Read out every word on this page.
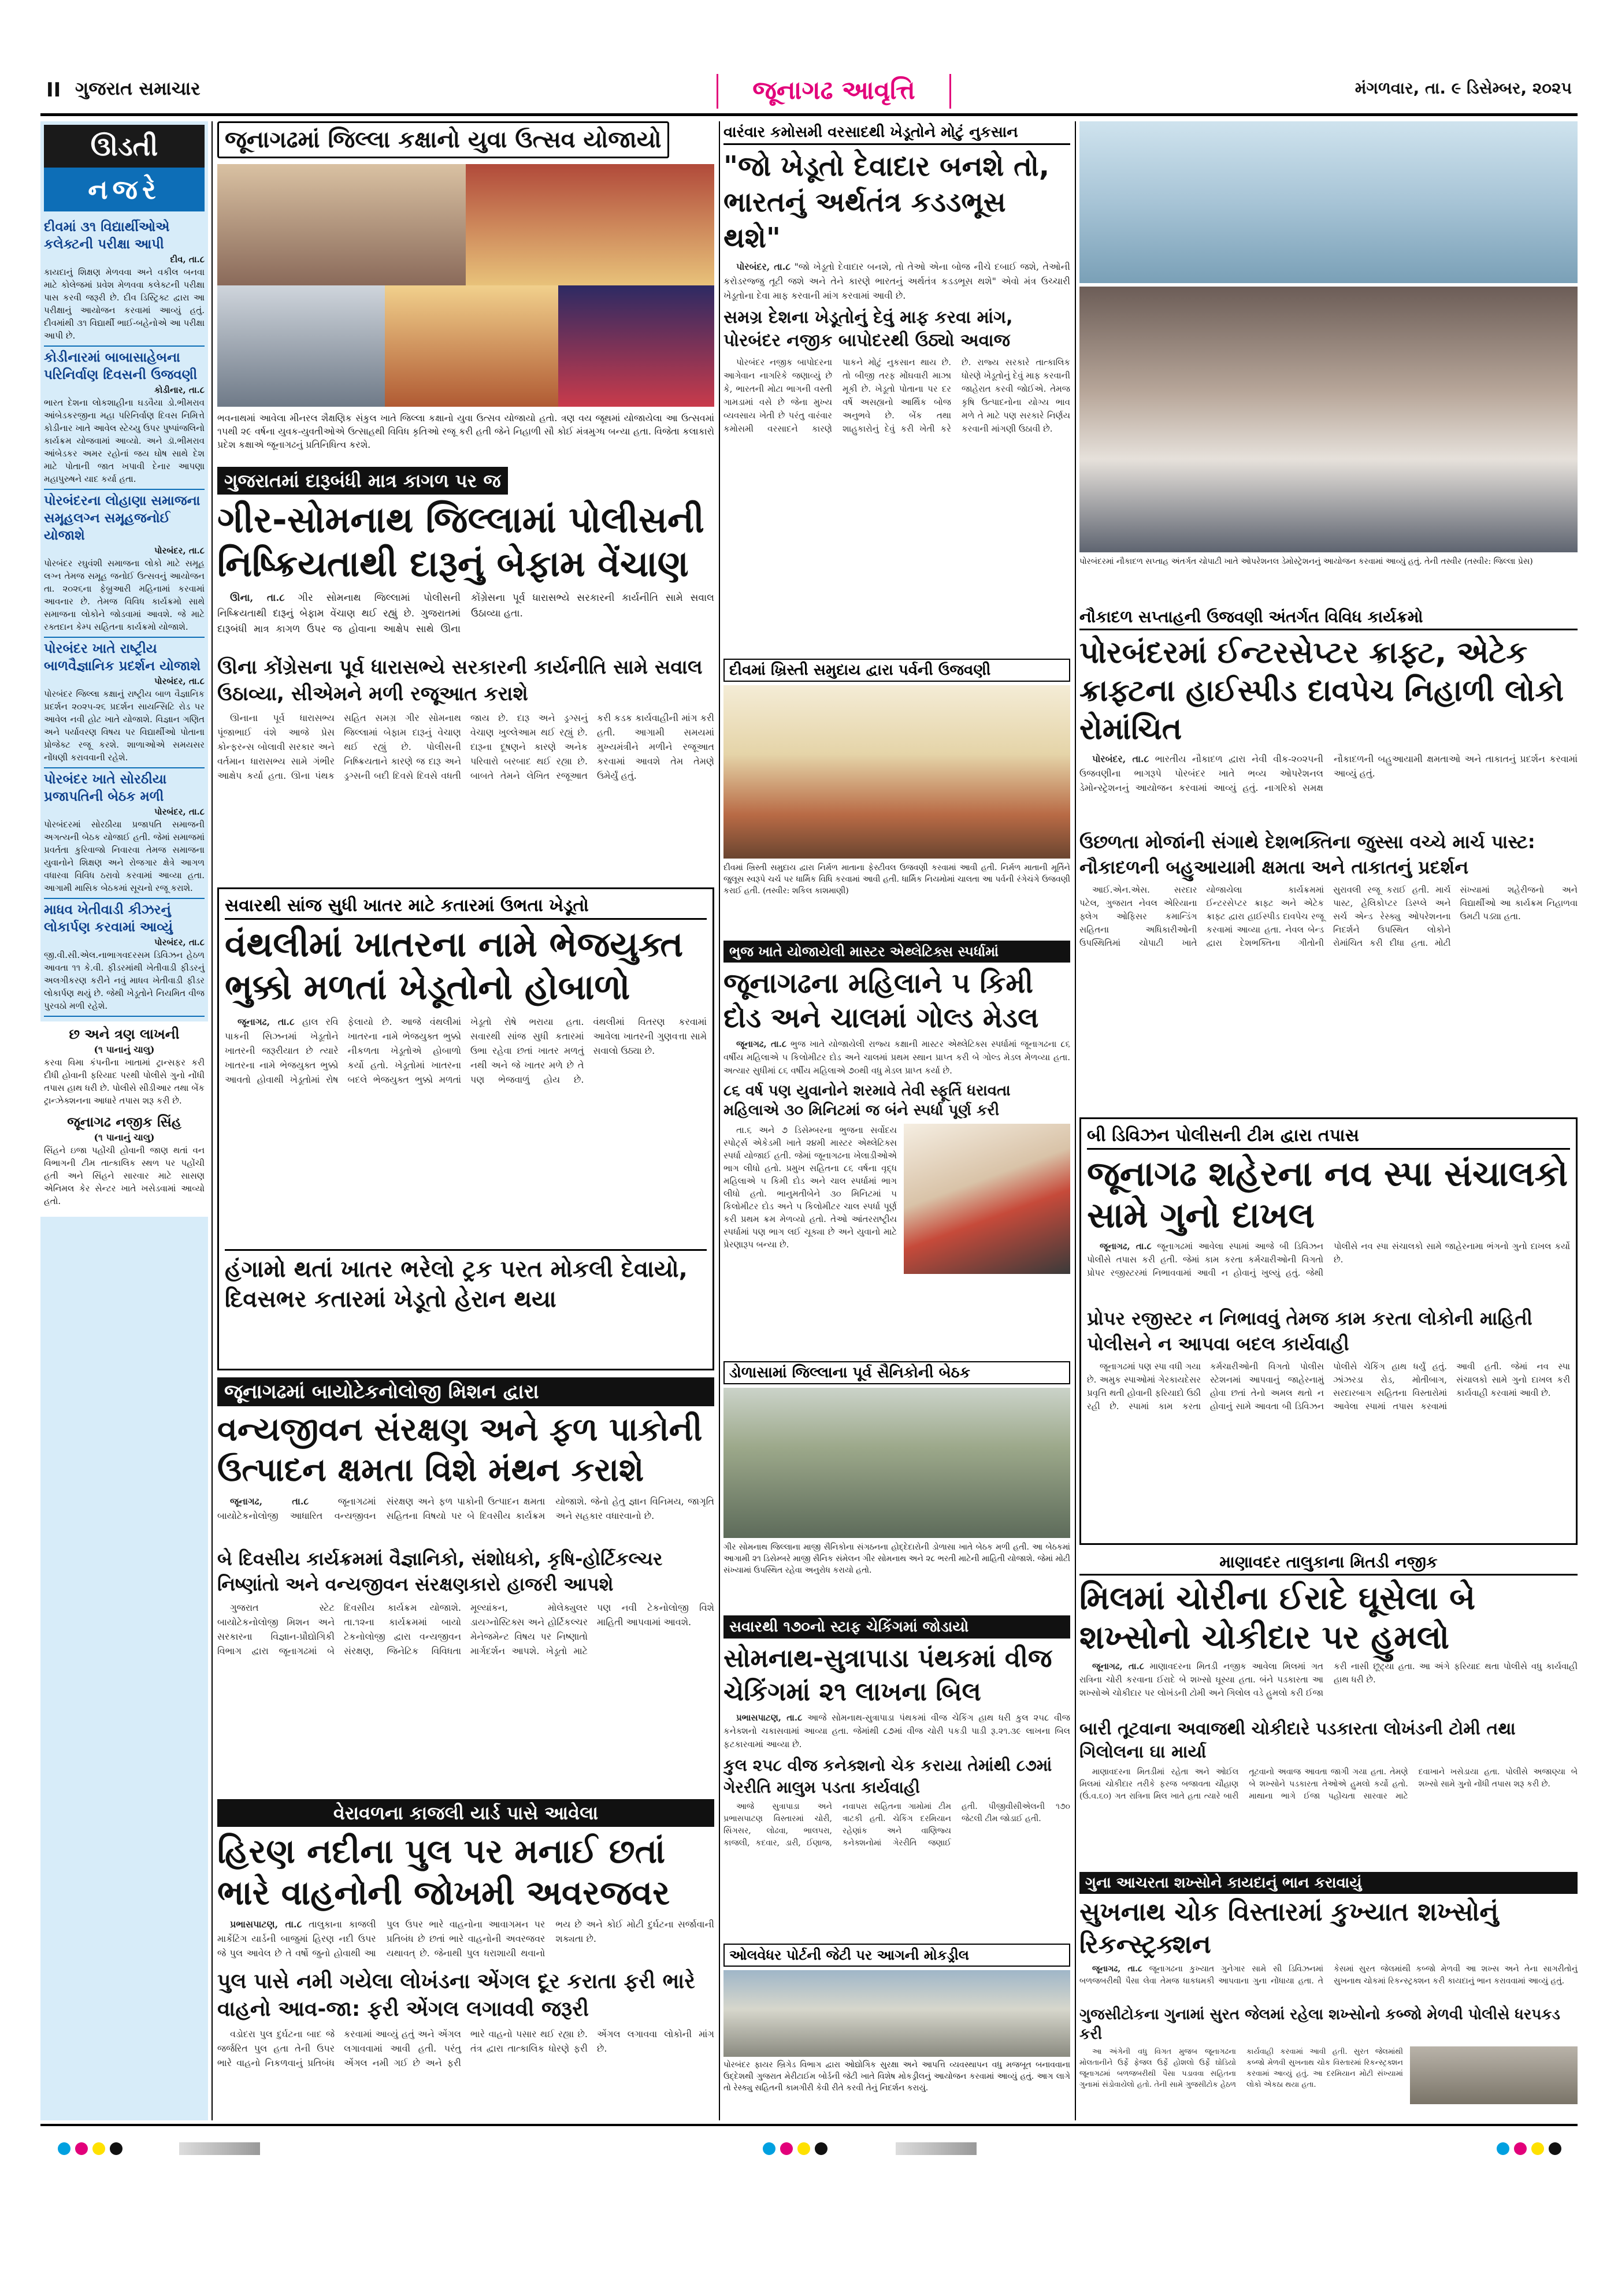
II ગુજરાત સમાચાર	જૂનાગઢ આવૃત્તિ	મંગળવાર, તા. ૯ ડિસેમ્બર, ૨૦૨૫
ઊડતી
નજરે
દીવમાં ૩૧ વિદ્યાર્થીઓએ કલેક્ટની પરીક્ષા આપી
દીવ, તા.૮
કાયદાનું શિક્ષણ મેળવવા અને વકીલ બનવા માટે કોલેજમાં પ્રવેશ મેળવવા કલેક્ટની પરીક્ષા પાસ કરવી જરૂરી છે. દીવ ડિસ્ટ્રિક્ટ દ્વારા આ પરીક્ષાનું આયોજન કરવામાં આવ્યું હતું. દીવમાંથી ૩૧ વિદ્યાર્થી ભાઈ-બહેનોએ આ પરીક્ષા આપી છે.
કોડીનારમાં બાબાસાહેબના પરિનિર્વાણ દિવસની ઉજવણી
કોડીનાર, તા.૮
ભારત દેશના લોકશાહીના ઘડવૈયા ડો.ભીમરાવ આંબેડકરજીના મહા પરિનિર્વાણ દિવસ નિમિત્તે કોડીનાર ખાતે આવેલ સ્ટેચ્યુ ઉપર પુષ્પાંજલિનો કાર્યક્રમ યોજવામાં આવ્યો. અને ડૉ.ભીમરાવ આંબેડકર અમર રહોનાં જય ઘોષ સાથે દેશ માટે પોતાની જાત ખપાવી દેનાર આપણા મહાપુરુષને યાદ કર્યા હતા.
પોરબંદરના લોહાણા સમાજના સમૂહલગ્ન સમૂહજનોઈ યોજાશે
પોરબંદર, તા.૮
પોરબંદર રઘુવંશી સમાજના લોકો માટે સમૂહ લગ્ન તેમજ સમૂહ જનોઈ ઉત્સવનું આયોજન તા. ૨૦૨૬ના ફેબ્રુઆરી મહિનામાં કરવામાં આવનાર છે. તેમજ વિવિધ કાર્યક્રમો સાથે સમાજના લોકોને જોડવામાં આવશે. જે માટે રક્તદાન કેમ્પ સહિતના કાર્યક્રમો યોજાશે.
પોરબંદર ખાતે રાષ્ટ્રીય બાળવૈજ્ઞાનિક પ્રદર્શન યોજાશે
પોરબંદર, તા.૮
પોરબંદર જિલ્લા કક્ષાનું રાષ્ટ્રીય બાળ વૈજ્ઞાનિક પ્રદર્શન ૨૦૨૫-૨૬ પ્રદર્શન સાયન્સિટિ રોડ પર આવેલ નવી હોટ ખાતે યોજાશે. વિજ્ઞાન ગણિત અને પર્યાવરણ વિષય પર વિદ્યાર્થીઓ પોતાના પ્રોજેક્ટ રજૂ કરશે. શાળાઓએ સમયસર નોંધણી કરાવવાની રહેશે.
પોરબંદર ખાતે સોરઠીયા પ્રજાપતિની બેઠક મળી
પોરબંદર, તા.૮
પોરબંદરમાં સોરઠીયા પ્રજાપતિ સમાજની અગત્યની બેઠક યોજાઈ હતી. જેમાં સમાજમાં પ્રવર્તતા કુરિવાજો નિવારવા તેમજ સમાજના યુવાનોને શિક્ષણ અને રોજગાર ક્ષેત્રે આગળ વધારવા વિવિધ ઠરાવો કરવામાં આવ્યા હતા. આગામી માસિક બેઠકમાં સૂચનો રજૂ કરાશે.
માધવ ખેતીવાડી કીઝરનું લોકાર્પણ કરવામાં આવ્યું
પોરબંદર, તા.૮
જી.વી.સી.એલ.નાભાગવદરસમ ડિવિઝન હેઠળ આવતા ૧૧ કે.વી. ફીડરમાંથી ખેતીવાડી ફીડરનું અલગીકરણ કરીને નવું માધવ ખેતીવાડી ફીડર લોકાર્પણ થયું છે. જેથી ખેડૂતોને નિયમિત વીજ પુરવઠો મળી રહેશે.
છ અને ત્રણ લાખની
(૧ પાનાનું ચાલુ)
કરવા વિમા કંપનીના ખાતામાં ટ્રાન્સફર કરી દીધી હોવાની ફરિયાદ પરથી પોલીસે ગુનો નોંધી તપાસ હાથ ધરી છે. પોલીસે સીડીઆર તથા બેંક ટ્રાન્ઝેક્શનના આધારે તપાસ શરૂ કરી છે.
જૂનાગઢ નજીક સિંહ
(૧ પાનાનું ચાલુ)
સિંહને ઇજા પહોંચી હોવાની જાણ થતાં વન વિભાગની ટીમ તાત્કાલિક સ્થળ પર પહોંચી હતી અને સિંહને સારવાર માટે સાસણ એનિમલ કેર સેન્ટર ખાતે ખસેડવામાં આવ્યો હતો.
જૂનાગઢમાં જિલ્લા કક્ષાનો યુવા ઉત્સવ યોજાયો
ભવનાથમાં આવેલા મીનરલ શૈક્ષણિક સંકુલ ખાતે જિલ્લા કક્ષાનો યુવા ઉત્સવ યોજાયો હતો. ત્રણ વય જૂથમાં યોજાયેલા આ ઉત્સવમાં ૧૫થી ૨૯ વર્ષના યુવક-યુવતીઓએ ઉત્સાહથી વિવિધ કૃતિઓ રજૂ કરી હતી જેને નિહાળી સૌ કોઈ મંત્રમુગ્ધ બન્યા હતા. વિજેતા કલાકારો પ્રદેશ કક્ષાએ જૂનાગઢનું પ્રતિનિધિત્વ કરશે.
ગુજરાતમાં દારૂબંધી માત્ર કાગળ પર જ
ગીર-સોમનાથ જિલ્લામાં પોલીસની નિષ્ક્રિયતાથી દારૂનું બેફામ વેંચાણ

ઊના, તા.૮ ગીર સોમનાથ જિલ્લામાં પોલીસની નિષ્ક્રિયતાથી દારૂનું બેફામ વેંચાણ થઈ રહ્યું છે. ગુજરાતમાં દારૂબંધી માત્ર કાગળ ઉપર જ હોવાના આક્ષેપ સાથે ઊના કોંગ્રેસના પૂર્વ ધારાસભ્યે સરકારની કાર્યનીતિ સામે સવાલ ઉઠાવ્યા હતા.

ઊના કોંગ્રેસના પૂર્વ ધારાસભ્યે સરકારની કાર્યનીતિ સામે સવાલ ઉઠાવ્યા, સીએમને મળી રજૂઆત કરાશે

ઊનાના પૂર્વ ધારાસભ્ય પૂંજાભાઈ વંશે આજે પ્રેસ કોન્ફરન્સ બોલાવી સરકાર અને વર્તમાન ધારાસભ્ય સામે ગંભીર આક્ષેપ કર્યા હતા. ઊના પંથક સહિત સમગ્ર ગીર સોમનાથ જિલ્લામાં બેફામ દારૂનું વેચાણ થઈ રહ્યું છે. પોલીસની નિષ્ક્રિયતાને કારણે જ દારૂ અને ડ્રગ્સની બદી દિવસે દિવસે વધતી જાય છે. દારૂ અને ડ્રગ્સનું વેચાણ ખુલ્લેઆમ થઈ રહ્યું છે. દારૂના દૂષણને કારણે અનેક પરિવારો બરબાદ થઈ રહ્યા છે. બાબતે તેમને લેખિત રજૂઆત કરી કડક કાર્યવાહીની માંગ કરી હતી. આગામી સમયમાં મુખ્યમંત્રીને મળીને રજૂઆત કરવામાં આવશે તેમ તેમણે ઉમેર્યું હતું.

સવારથી સાંજ સુધી ખાતર માટે કતારમાં ઉભતા ખેડૂતો
વંથલીમાં ખાતરના નામે ભેજયુક્ત ભુક્કો મળતાં ખેડૂતોનો હોબાળો

જૂનાગઢ, તા.૮ હાલ રવિ પાકની સિઝનમાં ખેડૂતોને ખાતરની જરૂરીયાત છે ત્યારે ખાતરના નામે ભેજયુક્ત ભુક્કો આવતો હોવાથી ખેડૂતોમાં રોષ ફેલાયો છે. આજે વંથલીમાં ખાતરના નામે ભેજયુક્ત ભુક્કો નીકળતા ખેડૂતોએ હોબાળો કર્યો હતો. ખેડૂતોમાં ખાતરના બદલે ભેજયુક્ત ભુક્કો મળતાં ખેડૂતો રોષે ભરાયા હતા. સવારથી સાંજ સુધી કતારમાં ઉભા રહેવા છતાં ખાતર મળતું નથી અને જે ખાતર મળે છે તે પણ ભેજવાળું હોય છે. વંથલીમાં વિતરણ કરવામાં આવેલા ખાતરની ગુણવત્તા સામે સવાલો ઉઠ્યા છે.

હંગામો થતાં ખાતર ભરેલો ટ્રક પરત મોકલી દેવાયો, દિવસભર કતારમાં ખેડૂતો હેરાન થયા
જૂનાગઢમાં બાયોટેકનોલોજી મિશન દ્વારા
વન્યજીવન સંરક્ષણ અને ફળ પાકોની ઉત્પાદન ક્ષમતા વિશે મંથન કરાશે

જૂનાગઢ, તા.૮	જૂનાગઢમાં બાયોટેકનોલોજી આધારિત વન્યજીવન સંરક્ષણ અને ફળ પાકોની ઉત્પાદન ક્ષમતા સહિતના વિષયો પર બે દિવસીય કાર્યક્રમ યોજાશે. જેનો હેતુ જ્ઞાન વિનિમય, જાગૃતિ અને સહકાર વધારવાનો છે.

બે દિવસીય કાર્યક્રમમાં વૈજ્ઞાનિકો, સંશોધકો, કૃષિ-હોર્ટિકલ્ચર નિષ્ણાંતો અને વન્યજીવન સંરક્ષણકારો હાજરી આપશે

ગુજરાત સ્ટેટ બાયોટેકનોલોજી મિશન અને સરકારના વિજ્ઞાન-પ્રૌદ્યોગિકી વિભાગ દ્વારા જૂનાગઢમાં બે દિવસીય કાર્યક્રમ યોજાશે. તા.૧૨ના કાર્યક્રમમાં બાયો ટેકનોલોજી દ્વારા વન્યજીવન સંરક્ષણ, જિનેટિક વિવિધતા મૂલ્યાંકન, મોલેક્યુલર ડાયગ્નોસ્ટિક્સ અને હોર્ટિકલ્ચર મેનેજમેન્ટ વિષય પર નિષ્ણાતો માર્ગદર્શન આપશે. ખેડૂતો માટે પણ નવી ટેકનોલોજી વિશે માહિતી આપવામાં આવશે.

વેરાવળના કાજલી યાર્ડ પાસે આવેલા
હિરણ નદીના પુલ પર મનાઈ છતાં ભારે વાહનોની જોખમી અવરજવર

પ્રભાસપાટણ, તા.૮ તાલુકાના કાજલી માર્કેટિંગ યાર્ડની બાજુમાં હિરણ નદી ઉપર જે પુલ આવેલ છે તે વર્ષો જુનો હોવાથી આ પુલ ઉપર ભારે વાહનોના આવાગમન પર પ્રતિબંધ છે છતાં ભારે વાહનોની અવરજવર યથાવત્ છે. જેનાથી પુલ ધરાશાયી થવાનો ભય છે અને કોઈ મોટી દુર્ઘટના સર્જાવાની શક્યતા છે.

પુલ પાસે નમી ગયેલા લોખંડના એંગલ દૂર કરાતા ફરી ભારે વાહનો આવ-જા: ફરી એંગલ લગાવવી જરૂરી

વડોદરા પુલ દુર્ઘટના બાદ જે જર્જરિત પુલ હતા તેની ઉપર ભારે વાહનો નિકળવાનું પ્રતિબંધ કરવામાં આવ્યું હતું અને એંગલ લગાવવામાં આવી હતી. પરંતુ એંગલ નમી ગઈ છે અને ફરી ભારે વાહનો પસાર થઈ રહ્યા છે. તંત્ર દ્વારા તાત્કાલિક ધોરણે ફરી એંગલ લગાવવા લોકોની માંગ છે.

વારંવાર કમોસમી વરસાદથી ખેડૂતોને મોટું નુકસાન
"જો ખેડૂતો દેવાદાર બનશે તો, ભારતનું અર્થતંત્ર કડડભૂસ થશે"

પોરબંદર, તા.૮ "જો ખેડૂતો દેવાદાર બનશે, તો તેઓ એના બોજ નીચે દબાઈ જશે, તેઓની કરોડરજ્જુ તૂટી જશે અને તેને કારણે ભારતનું અર્થતંત્ર કડડભૂસ થશે" એવો મંત્ર ઉચ્ચારી ખેડૂતોના દેવા માફ કરવાની માંગ કરવામાં આવી છે.

સમગ્ર દેશના ખેડૂતોનું દેવું માફ કરવા માંગ, પોરબંદર નજીક બાપોદરથી ઉઠ્યો અવાજ

પોરબંદર નજીક બાપોદરના આગેવાન નાગરિકે જણાવ્યું છે કે, ભારતની મોટા ભાગની વસ્તી ગામડામાં વસે છે જેના મુખ્ય વ્યવસાય ખેતી છે પરંતુ વારંવાર કમોસમી વરસાદને કારણે પાકને મોટું નુકસાન થાય છે. તો બીજી તરફ મોંઘવારી માઝા મૂકી છે. ખેડૂતો પોતાના પર દર વર્ષે અસહ્યનો આર્થિક બોજ અનુભવે છે. બેંક તથા શાહુકારોનું દેવું કરી ખેતી કરે છે. રાજ્ય સરકારે તાત્કાલિક ધોરણે ખેડૂતોનું દેવું માફ કરવાની જાહેરાત કરવી જોઈએ. તેમજ કૃષિ ઉત્પાદનોના યોગ્ય ભાવ મળે તે માટે પણ સરકારે નિર્ણય કરવાની માંગણી ઉઠાવી છે.

દીવમાં ખ્રિસ્તી સમુદાય દ્વારા પર્વની ઉજવણી
દીવમાં ખ્રિસ્તી સમુદાય દ્વારા નિર્મળ માતાના ફેસ્ટીવલ ઉજવણી કરવામાં આવી હતી. નિર્મળ માતાની મૂર્તિને જુલૂસ સ્વરૂપે ચર્ચ પર ધાર્મિક વિધિ કરવામાં આવી હતી. ધાર્મિક નિયમોમાં ચાલતા આ પર્વની રંગેચંગે ઉજવણી કરાઈ હતી. (તસ્વીર: શકિલ કાશમાણી)
ભુજ ખાતે યોજાયેલી માસ્ટર એથ્લેટિક્સ સ્પર્ધામાં
જૂનાગઢના મહિલાને ૫ કિમી દોડ અને ચાલમાં ગોલ્ડ મેડલ

જૂનાગઢ, તા.૮ ભુજ ખાતે યોજાયેલી રાજ્ય કક્ષાની માસ્ટર એથ્લેટિક્સ સ્પર્ધામાં જૂનાગઢના ૮૬ વર્ષીય મહિલાએ ૫ કિલોમીટર દોડ અને ચાલમાં પ્રથમ સ્થાન પ્રાપ્ત કરી બે ગોલ્ડ મેડલ મેળવ્યા હતા. અત્યાર સુધીમાં ૮૬ વર્ષીય મહિલાએ ૭૦થી વધુ મેડલ પ્રાપ્ત કર્યા છે.

૮૬ વર્ષ પણ યુવાનોને શરમાવે તેવી સ્ફૂર્તિ ધરાવતા મહિલાએ ૩૦ મિનિટમાં જ બંને સ્પર્ધા પૂર્ણ કરી

તા.૬ અને ૭ ડિસેમ્બરના ભુજના સર્વોદય સ્પોર્ટ્સ એકેડમી ખાતે ૨૪મી માસ્ટર એથ્લેટિક્સ સ્પર્ધા યોજાઈ હતી. જેમાં જૂનાગઢના ખેલાડીઓએ ભાગ લીધો હતો. પ્રમુખ સહિતના ૮૬ વર્ષના વૃદ્ધ મહિલાએ ૫ કિમી દોડ અને ચાલ સ્પર્ધામાં ભાગ લીધો હતો. ભાનુમતીબેને ૩૦ મિનિટમાં ૫ કિલોમીટર દોડ અને ૫ કિલોમીટર ચાલ સ્પર્ધા પૂર્ણ કરી પ્રથમ ક્રમ મેળવ્યો હતો. તેઓ આંતરરાષ્ટ્રીય સ્પર્ધામાં પણ ભાગ લઈ ચૂક્યા છે અને યુવાનો માટે પ્રેરણારૂપ બન્યા છે.

ડોળાસામાં જિલ્લાના પૂર્વ સૈનિકોની બેઠક
ગીર સોમનાથ જિલ્લાના માજી સૈનિકોના સંગઠનના હોદ્દેદારોની ડોળાસા ખાતે બેઠક મળી હતી. આ બેઠકમાં આગામી ૨૧ ડિસેમ્બરે માજી સૈનિક સંમેલન ગીર સોમનાથ અને ૨૮ ભરતી માટેની માહિતી યોજાશે. જેમાં મોટી સંખ્યામાં ઉપસ્થિત રહેવા અનુરોધ કરાયો હતો.
સવારથી ૧૭૦નો સ્ટાફ ચેકિંગમાં જોડાયો
સોમનાથ-સુત્રાપાડા પંથકમાં વીજ ચેકિંગમાં ૨૧ લાખના બિલ

પ્રભાસપાટણ, તા.૮ આજે સોમનાથ-સુત્રાપાડા પંથકમાં વીજ ચેકિંગ હાથ ધરી કુલ ૨૫૮ વીજ કનેક્શનો ચકાસવામાં આવ્યા હતા. જેમાંથી ૮૭માં વીજ ચોરી પકડી પાડી રૂ.૨૧.૩૯ લાખના બિલ ફટકારવામાં આવ્યા છે.

કુલ ૨૫૮ વીજ કનેક્શનો ચેક કરાયા તેમાંથી ૮૭માં ગેરરીતિ માલુમ પડતા કાર્યવાહી

આજે સુત્રાપાડા અને પ્રભાસપાટણ વિસ્તારમાં ચોરી, સિંગસર, લોઢવા, ભાલપરા, કાજલી, કદવાર, ડારી, ઈણાજ, નવાપરા સહિતના ગામોમાં ટીમ ત્રાટકી હતી. ચેકિંગ દરમિયાન રહેણાંક અને વાણિજ્ય કનેક્શનોમાં ગેરરીતિ જણાઈ હતી. પીજીવીસીએલની ૧૭૦ જેટલી ટીમ જોડાઈ હતી.

ઓલવેધર પોર્ટની જેટી પર આગની મોકડ્રીલ
પોરબંદર ફાયર બ્રિગેડ વિભાગ દ્વારા ઓદ્યોગિક સુરક્ષા અને આપત્તિ વ્યવસ્થાપન વધુ મજબૂત બનાવવાના ઉદ્દેશથી ગુજરાત મેરીટાઈમ બોર્ડની જેટી ખાતે વિશેષ મોકડ્રીલનું આયોજન કરવામાં આવ્યું હતું. આગ લાગે તો રેસ્ક્યુ સહિતની કામગીરી કેવી રીતે કરવી તેનું નિદર્શન કરાયું.
પોરબંદરમાં નૌકાદળ સપ્તાહ અંતર્ગત ચોપાટી ખાતે ઓપરેશનલ ડેમોસ્ટ્રેશનનું આયોજન કરવામાં આવ્યું હતું. તેની તસ્વીર (તસ્વીર: જિલ્લા પ્રેસ)
નૌકાદળ સપ્તાહની ઉજવણી અંતર્ગત વિવિધ કાર્યક્રમો
પોરબંદરમાં ઈન્ટરસેપ્ટર ક્રાફ્ટ, એટેક ક્રાફ્ટના હાઈસ્પીડ દાવપેચ નિહાળી લોકો રોમાંચિત

પોરબંદર, તા.૮ ભારતીય નૌકાદળ દ્વારા નેવી વીક-૨૦૨૫ની ઉજવણીના ભાગરૂપે પોરબંદર ખાતે ભવ્ય ઓપરેશનલ ડેમોન્સ્ટ્રેશનનું આયોજન કરવામાં આવ્યું હતું. નાગરિકો સમક્ષ નૌકાદળની બહુઆયામી ક્ષમતાઓ અને તાકાતનું પ્રદર્શન કરવામાં આવ્યું હતું.

ઉછળતા મોજાંની સંગાથે દેશભક્તિના જુસ્સા વચ્ચે માર્ચ પાસ્ટ: નૌકાદળની બહુઆયામી ક્ષમતા અને તાકાતનું પ્રદર્શન

આઈ.એન.એસ. સરદાર પટેલ, ગુજરાત નેવલ એરિયાના ફ્લેગ ઓફિસર કમાન્ડિંગ સહિતના અધિકારીઓની ઉપસ્થિતિમાં ચોપાટી ખાતે યોજાયેલા કાર્યક્રમમાં ઈન્ટરસેપ્ટર ક્રાફ્ટ અને એટેક ક્રાફ્ટ દ્વારા હાઈસ્પીડ દાવપેચ રજૂ કરવામાં આવ્યા હતા. નેવલ બેન્ડ દ્વારા દેશભક્તિના ગીતોની સુરાવલી રજૂ કરાઈ હતી. માર્ચ પાસ્ટ, હેલિકોપ્ટર ડિસ્પ્લે અને સર્ચ એન્ડ રેસ્ક્યુ ઓપરેશનના નિદર્શને ઉપસ્થિત લોકોને રોમાંચિત કરી દીધા હતા. મોટી સંખ્યામાં શહેરીજનો અને વિદ્યાર્થીઓ આ કાર્યક્રમ નિહાળવા ઉમટી પડ્યા હતા.

બી ડિવિઝન પોલીસની ટીમ દ્વારા તપાસ
જૂનાગઢ શહેરના નવ સ્પા સંચાલકો સામે ગુનો દાખલ

જૂનાગઢ, તા.૮ જૂનાગઢમાં આવેલા સ્પામાં આજે બી ડિવિઝન પોલીસે તપાસ કરી હતી. જેમાં કામ કરતા કર્મચારીઓની વિગતો પ્રોપર રજીસ્ટરમાં નિભાવવામાં આવી ન હોવાનું ખુલ્યું હતું. જેથી પોલીસે નવ સ્પા સંચાલકો સામે જાહેરનામા ભંગનો ગુનો દાખલ કર્યો છે.

પ્રોપર રજીસ્ટર ન નિભાવવું તેમજ કામ કરતા લોકોની માહિતી પોલીસને ન આપવા બદલ કાર્યવાહી

જૂનાગઢમાં પણ સ્પા વધી ગયા છે. અમુક સ્પાઓમાં ગેરકાયદેસર પ્રવૃત્તિ થતી હોવાની ફરિયાદો ઉઠી રહી છે. સ્પામાં કામ કરતા કર્મચારીઓની વિગતો પોલીસ સ્ટેશનમાં આપવાનું જાહેરનામું હોવા છતાં તેનો અમલ થતો ન હોવાનું સામે આવતા બી ડિવિઝન પોલીસે ચેકિંગ હાથ ધર્યું હતું. ઝાંઝરડા રોડ, મોતીબાગ, સરદારબાગ સહિતના વિસ્તારોમાં આવેલા સ્પામાં તપાસ કરવામાં આવી હતી. જેમાં નવ સ્પા સંચાલકો સામે ગુનો દાખલ કરી કાર્યવાહી કરવામાં આવી છે.

માણાવદર તાલુકાના મિતડી નજીક
મિલમાં ચોરીના ઈરાદે ઘૂસેલા બે શખ્સોનો ચોકીદાર પર હુમલો

જૂનાગઢ, તા.૮ માણાવદરના મિતડી નજીક આવેલા મિલમાં ગત રાત્રિના ચોરી કરવાના ઈરાદે બે શખ્સો ઘૂસ્યા હતા. બંને પડકારતા આ શખ્સોએ ચોકીદાર પર લોખંડની ટોમી અને ગિલોલ વડે હુમલો કરી ઈજા કરી નાસી છૂટ્યા હતા. આ અંગે ફરિયાદ થતા પોલીસે વધુ કાર્યવાહી હાથ ધરી છે.

બારી તૂટવાના અવાજથી ચોકીદારે પડકારતા લોખંડની ટોમી તથા ગિલોલના ઘા માર્યા

માણાવદરના મિતડીમાં રહેતા અને ઓઈલ મિલમાં ચોકીદાર તરીકે ફરજ બજાવતા ચૌહાણ (ઉં.વ.૬૦) ગત રાત્રિના મિલ ખાતે હતા ત્યારે બારી તૂટવાનો અવાજ આવતા જાગી ગયા હતા. તેમણે બે શખ્સોને પડકારતા તેઓએ હુમલો કર્યો હતો. માથાના ભાગે ઈજા પહોંચતા સારવાર માટે દવાખાને ખસેડાયા હતા. પોલીસે અજાણ્યા બે શખ્સો સામે ગુનો નોંધી તપાસ શરૂ કરી છે.

ગુના આચરતા શખ્સોને કાયદાનું ભાન કરાવાયું
સુખનાથ ચોક વિસ્તારમાં કુખ્યાત શખ્સોનું રિકન્સ્ટ્રક્શન

જૂનાગઢ, તા.૮ જૂનાગઢના કુખ્યાત ગુનેગાર સામે સી ડિવિઝનમાં બળજબરીથી પૈસા લેવા તેમજ ધાકધમકી આપવાના ગુના નોંધાયા હતા. તે કેસમાં સુરત જેલમાંથી કબ્જો મેળવી આ શખ્સ અને તેના સાગરીતોનું સુખનાથ ચોકમાં રિકન્સ્ટ્રક્શન કરી કાયદાનું ભાન કરાવવામાં આવ્યું હતું.

ગુજસીટોકના ગુનામાં સુરત જેલમાં રહેલા શખ્સોનો કબ્જો મેળવી પોલીસે ધરપકડ કરી

આ અંગેની વધુ વિગત મુજબ જૂનાગઢના મોલતાનીને ઉર્ફે ફેજલ ઉર્ફે હોશલો ઉર્ફે ઘોડિયો જૂનાગઢમાં બળજબરીથી પૈસા પડાવવા સહિતના ગુનામાં સંડોવાયેલો હતો. તેની સામે ગુજસીટોક હેઠળ કાર્યવાહી કરવામાં આવી હતી. સુરત જેલમાંથી કબ્જો મેળવી સુખનાથ ચોક વિસ્તારમાં રિકન્સ્ટ્રક્શન કરવામાં આવ્યું હતું. આ દરમિયાન મોટી સંખ્યામાં લોકો એકઠા થયા હતા.
